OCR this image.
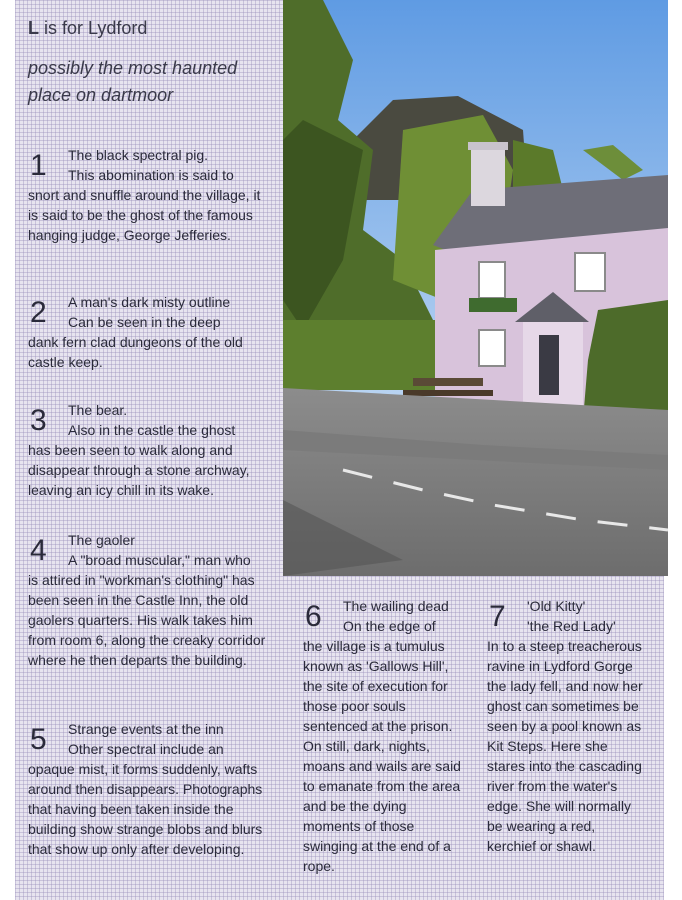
L is for Lydford
possibly the most haunted place on dartmoor
1 The black spectral pig.
This abomination is said to

snort and snuffle around the village, it is said to be the ghost of the famous hanging judge, George Jefferies.

2 A man's dark misty outline
Can be seen in the deep

dank fern clad dungeons of the old castle keep.

3 The bear.
Also in the castle the ghost

has been seen to walk along and disappear through a stone archway, leaving an icy chill in its wake.

4 The gaoler
A "broad muscular," man who

is attired in "workman's clothing" has been seen in the Castle Inn, the old gaolers quarters. His walk takes him from room 6, along the creaky corridor where he then departs the building.

5 Strange events at the inn
Other spectral include an

opaque mist, it forms suddenly, wafts around then disappears. Photographs that having been taken inside the building show strange blobs and blurs that show up only after developing.

6 The wailing dead
On the edge of

the village is a tumulus known as 'Gallows Hill', the site of execution for those poor souls sentenced at the prison. On still, dark, nights, moans and wails are said to emanate from the area and be the dying moments of those swinging at the end of a rope.

7 'Old Kitty'
'the Red Lady'

In to a steep treacherous ravine in Lydford Gorge the lady fell, and now her ghost can sometimes be seen by a pool known as Kit Steps. Here she stares into the cascading river from the water's edge. She will normally be wearing a red, kerchief or shawl.
